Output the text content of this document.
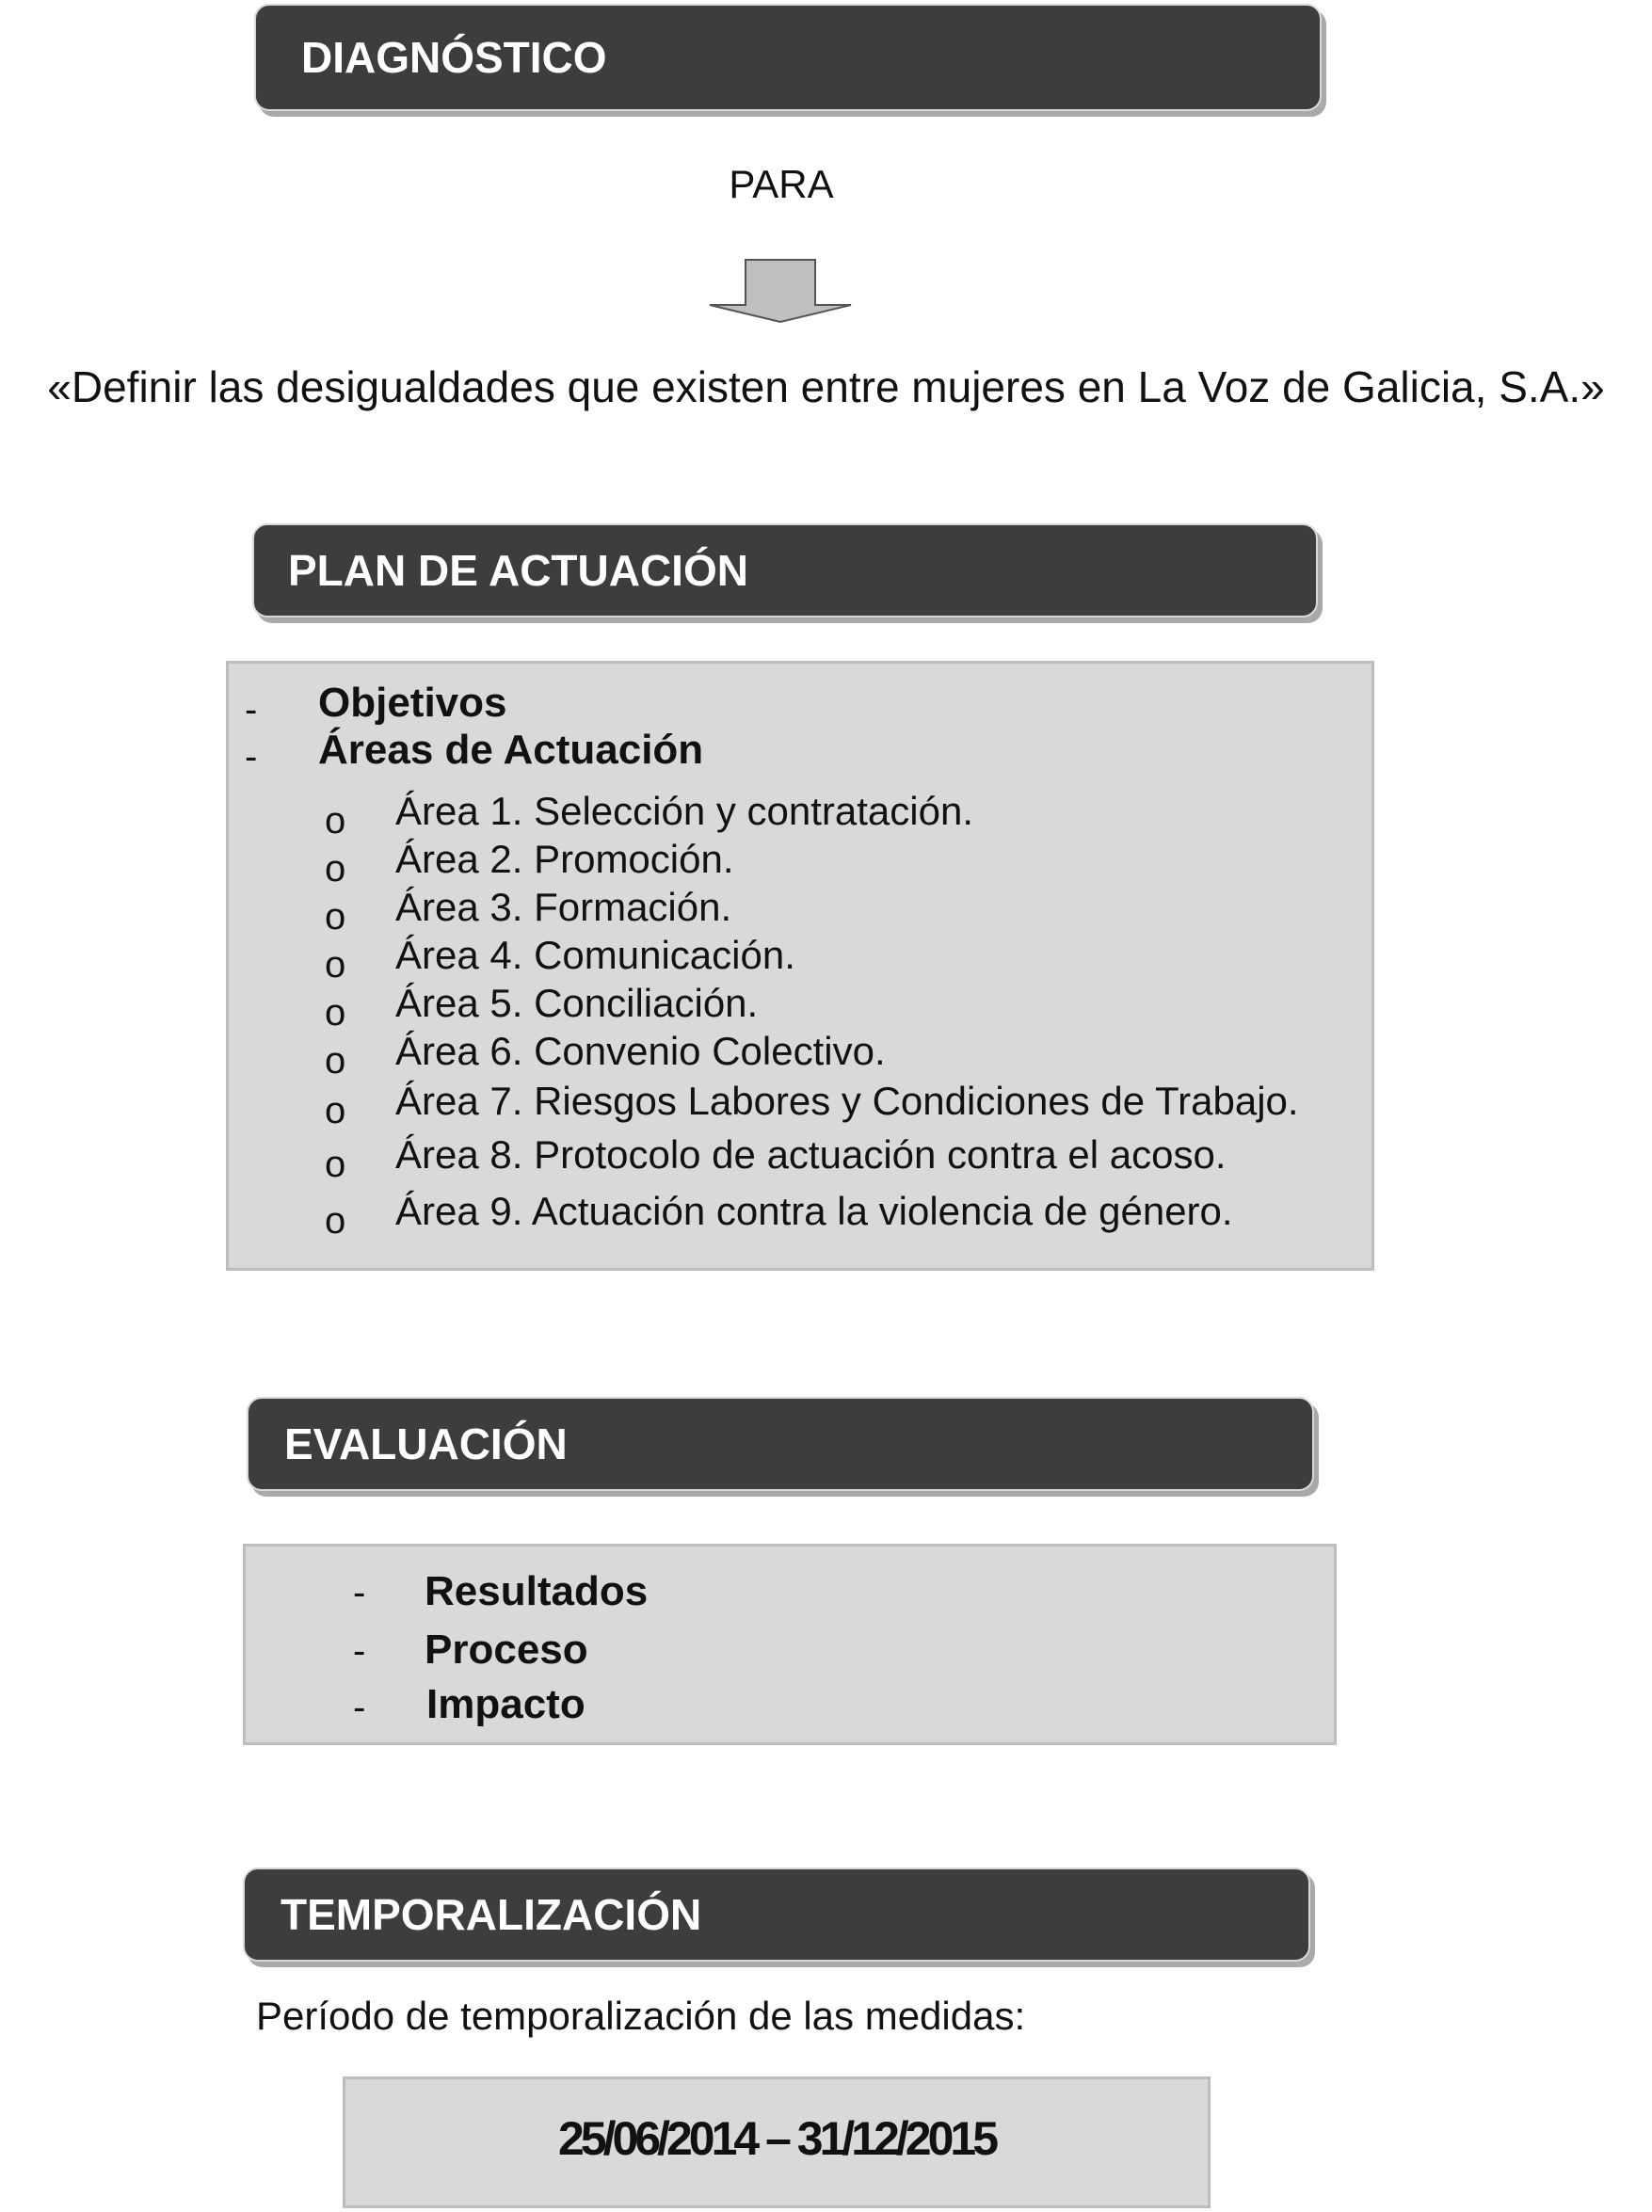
DIAGNÓSTICO
PARA
«Definir las desigualdades que existen entre mujeres en La Voz de Galicia, S.A.»
PLAN DE ACTUACIÓN
- Objetivos
- Áreas de Actuación
o Área 1. Selección y contratación.
o Área 2. Promoción.
o Área 3. Formación.
o Área 4. Comunicación.
o Área 5. Conciliación.
o Área 6. Convenio Colectivo.
o Área 7. Riesgos Labores y Condiciones de Trabajo.
o Área 8. Protocolo de actuación contra el acoso.
o Área 9. Actuación contra la violencia de género.
EVALUACIÓN
- Resultados
- Proceso
- Impacto
TEMPORALIZACIÓN
Período de temporalización de las medidas:
25/06/2014 – 31/12/2015
